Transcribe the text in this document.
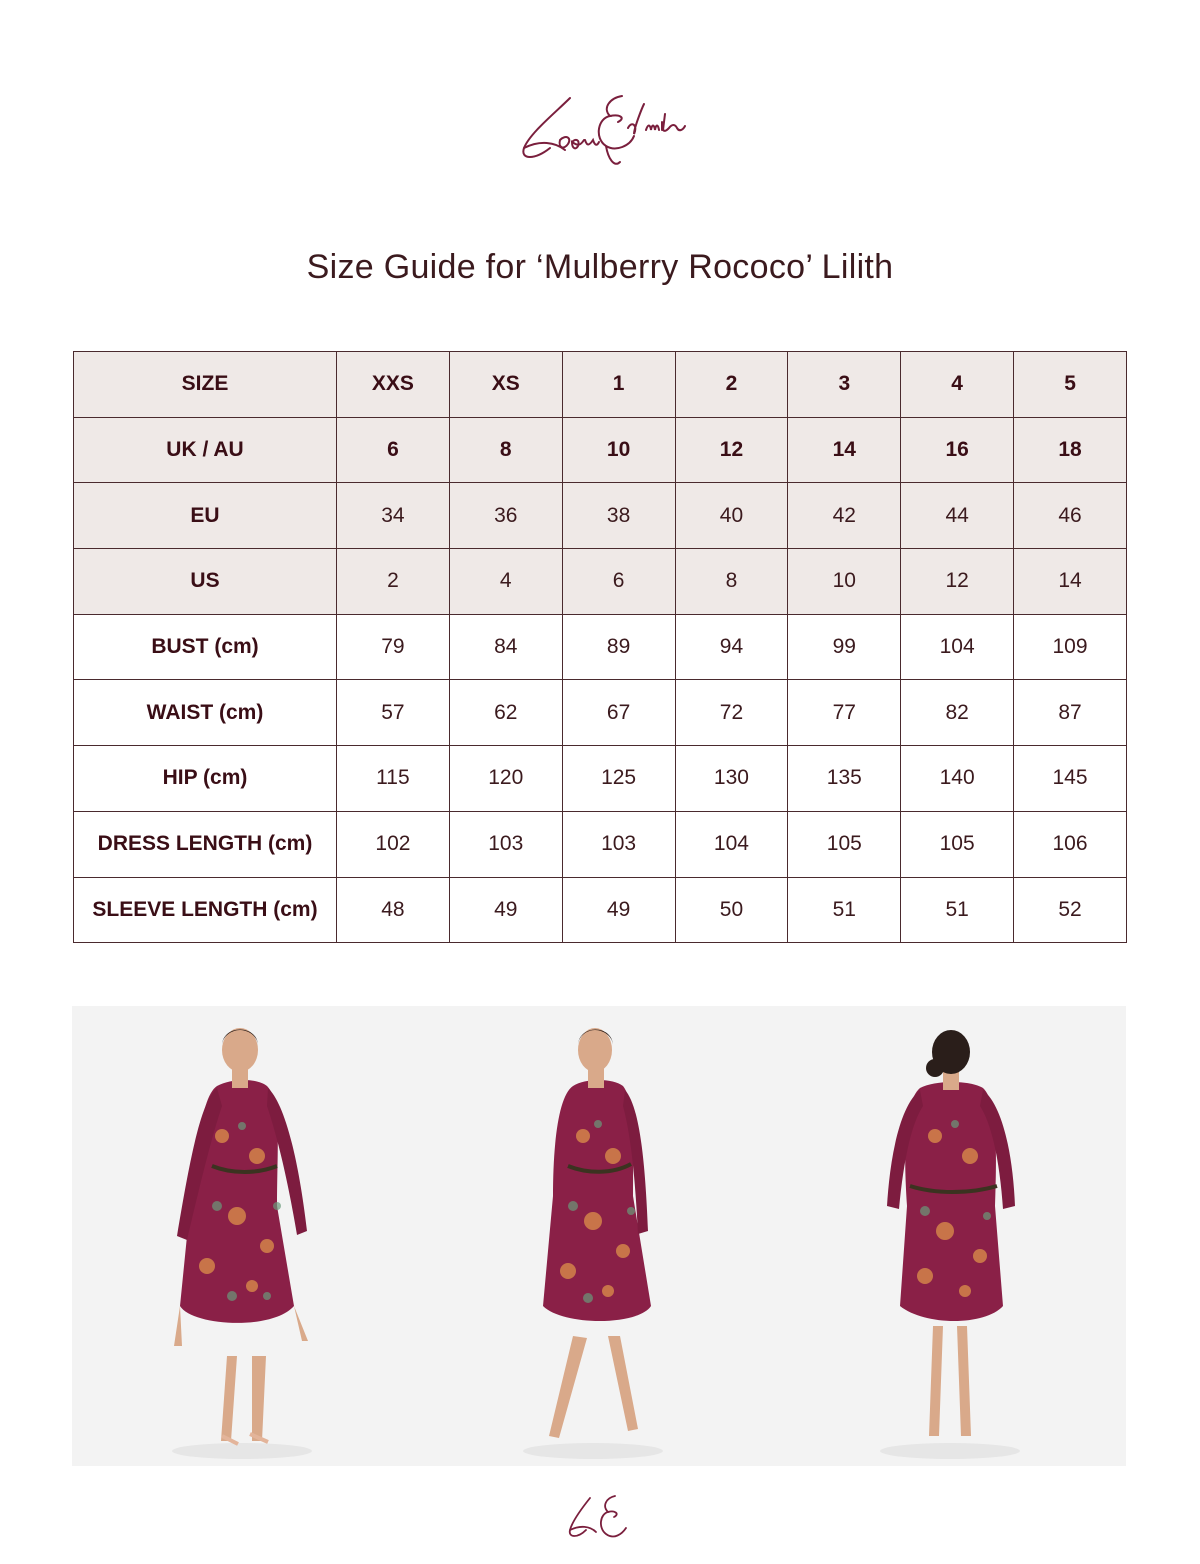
Size Guide for ‘Mulberry Rococo’ Lilith
SIZE	XXS	XS	1	2	3	4	5
UK / AU	6	8	10	12	14	16	18
EU	34	36	38	40	42	44	46
US	2	4	6	8	10	12	14
BUST (cm)	79	84	89	94	99	104	109
WAIST (cm)	57	62	67	72	77	82	87
HIP (cm)	115	120	125	130	135	140	145
DRESS LENGTH (cm)	102	103	103	104	105	105	106
SLEEVE LENGTH (cm)	48	49	49	50	51	51	52
